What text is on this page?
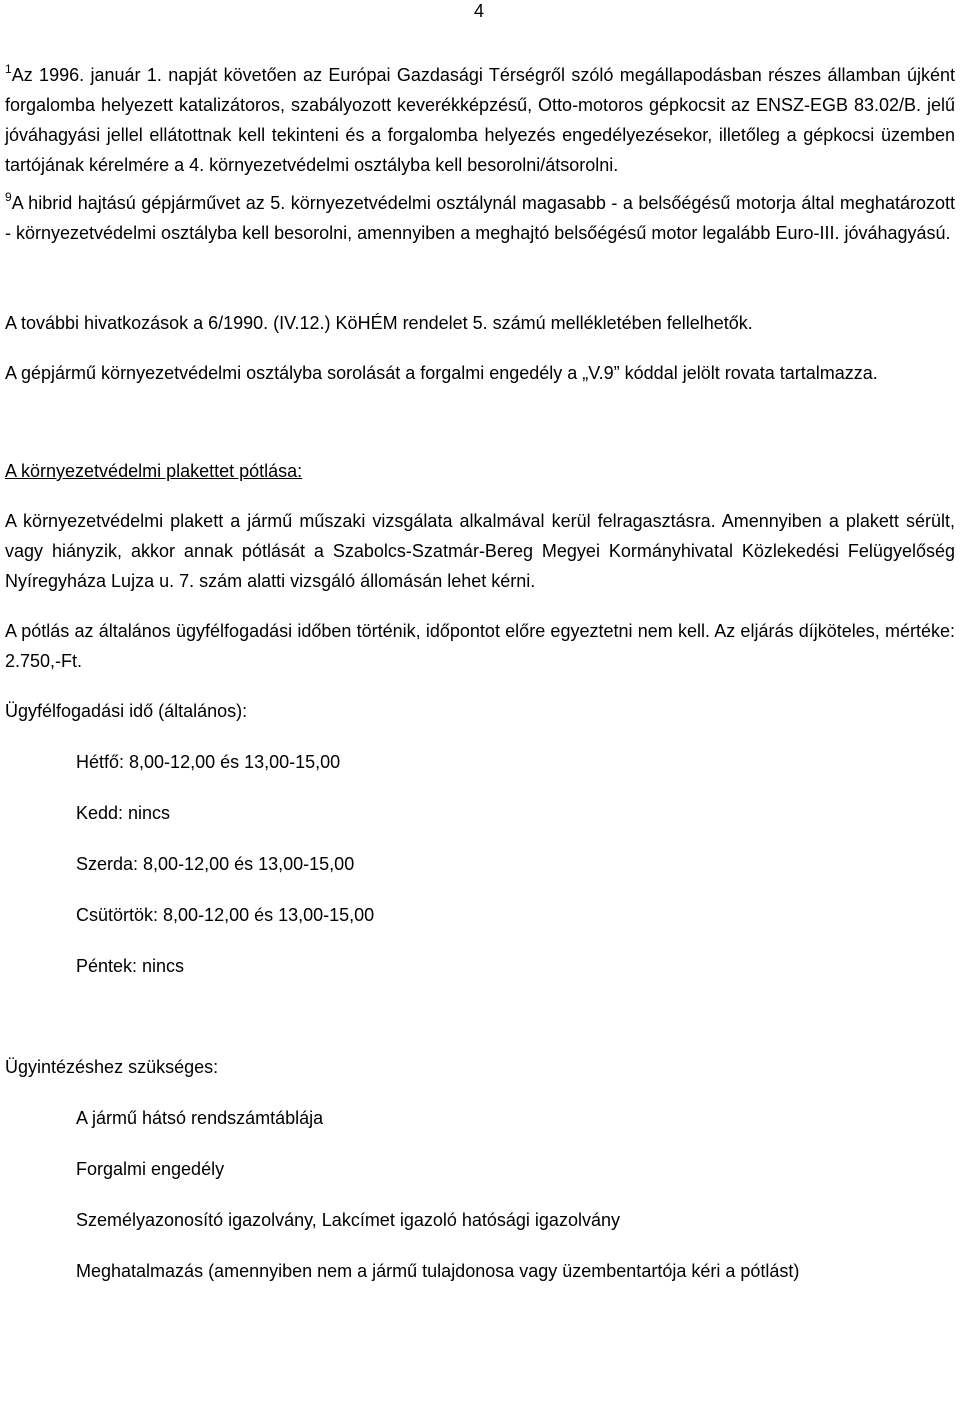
4

$^1$Az 1996. január 1. napját követően az Európai Gazdasági Térségről szóló megállapodásban részes államban újként forgalomba helyezett katalizátoros, szabályozott keverékképzésű, Otto-motoros gépkocsit az ENSZ-EGB 83.02/B. jelű jóváhagyási jellel ellátottnak kell tekinteni és a forgalomba helyezés engedélyezésekor, illetőleg a gépkocsi üzemben tartójának kérelmére a 4. környezetvédelmi osztályba kell besorolni/átsorolni.

$^9$A hibrid hajtású gépjárművet az 5. környezetvédelmi osztálynál magasabb - a belsőégésű motorja által meghatározott - környezetvédelmi osztályba kell besorolni, amennyiben a meghajtó belsőégésű motor legalább Euro-III. jóváhagyású.

A további hivatkozások a 6/1990. (IV.12.) KöHÉM rendelet 5. számú mellékletében fellelhetők.

A gépjármű környezetvédelmi osztályba sorolását a forgalmi engedély a „V.9” kóddal jelölt rovata tartalmazza.

A környezetvédelmi plakettet pótlása:

A környezetvédelmi plakett a jármű műszaki vizsgálata alkalmával kerül felragasztásra. Amennyiben a plakett sérült, vagy hiányzik, akkor annak pótlását a Szabolcs-Szatmár-Bereg Megyei Kormányhivatal Közlekedési Felügyelőség Nyíregyháza Lujza u. 7. szám alatti vizsgáló állomásán lehet kérni.

A pótlás az általános ügyfélfogadási időben történik, időpontot előre egyeztetni nem kell. Az eljárás díjköteles, mértéke: 2.750,-Ft.

Ügyfélfogadási idő (általános):

Hétfő: 8,00-12,00 és 13,00-15,00

Kedd: nincs

Szerda: 8,00-12,00 és 13,00-15,00

Csütörtök: 8,00-12,00 és 13,00-15,00

Péntek: nincs

Ügyintézéshez szükséges:

A jármű hátsó rendszámtáblája

Forgalmi engedély

Személyazonosító igazolvány, Lakcímet igazoló hatósági igazolvány

Meghatalmazás (amennyiben nem a jármű tulajdonosa vagy üzembentartója kéri a pótlást)
